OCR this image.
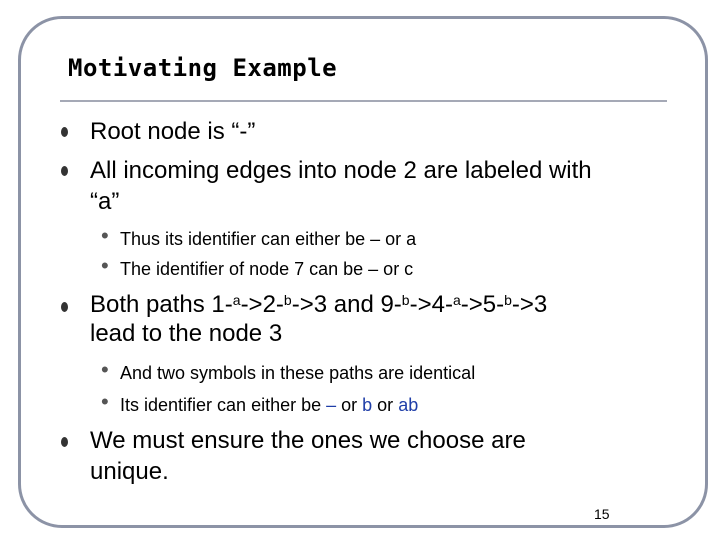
Motivating Example
Root node is “-”
All incoming edges into node 2 are labeled with
“a”
• Thus its identifier can either be – or a
• The identifier of node 7 can be – or c
Both paths 1-$^a$->2-$^b$->3 and 9-$^b$->4-$^a$->5-$^b$->3
lead to the node 3
• And two symbols in these paths are identical
• Its identifier can either be – or b or ab
We must ensure the ones we choose are
unique.
15
